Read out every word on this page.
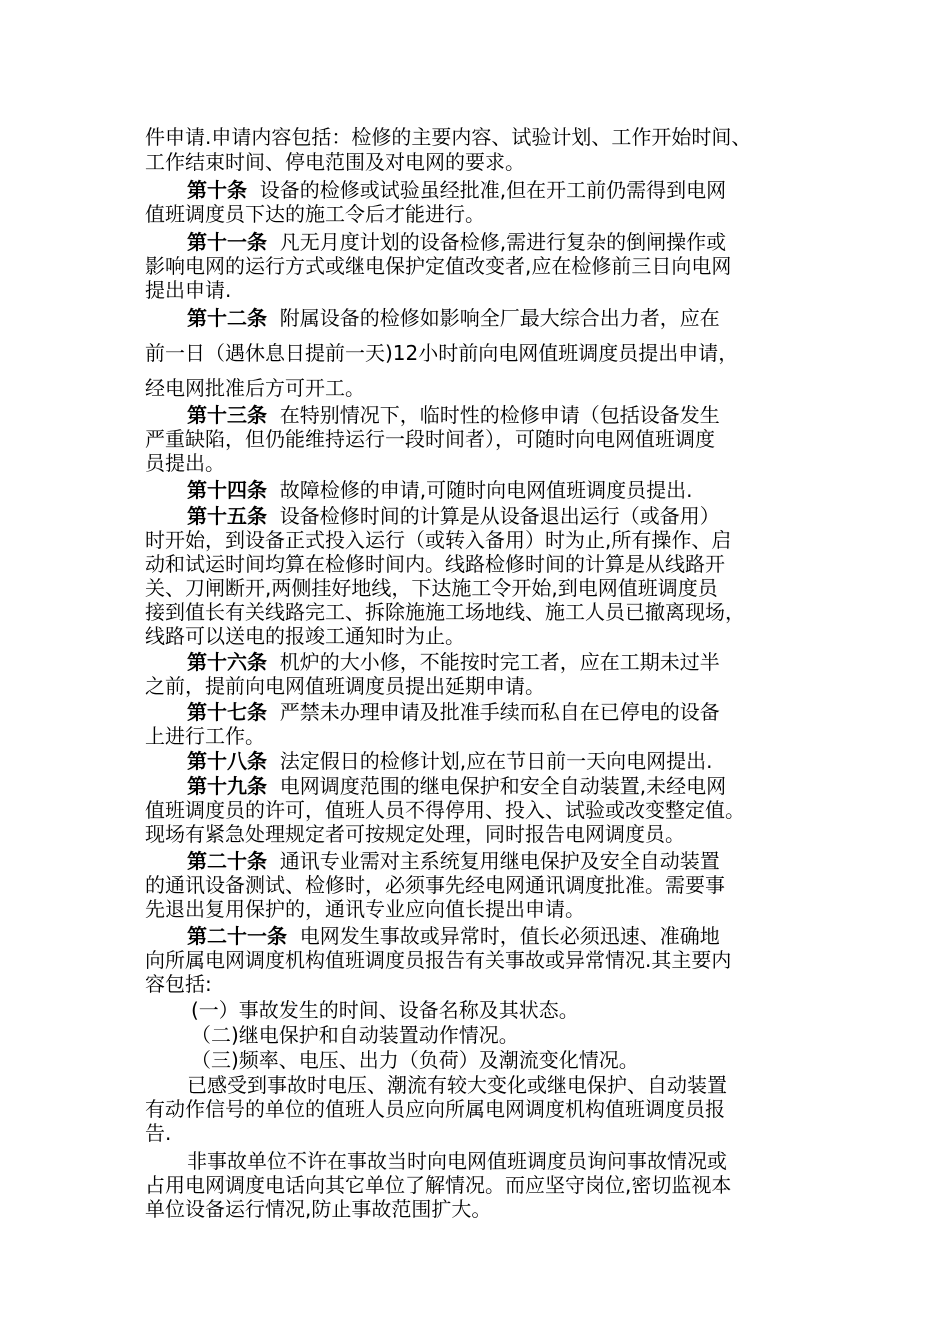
件申请.申请内容包括：检修的主要内容、试验计划、工作开始时间、
工作结束时间、停电范围及对电网的要求。
第十条  设备的检修或试验虽经批准,但在开工前仍需得到电网
值班调度员下达的施工令后才能进行。
第十一条  凡无月度计划的设备检修,需进行复杂的倒闸操作或
影响电网的运行方式或继电保护定值改变者,应在检修前三日向电网
提出申请.
第十二条  附属设备的检修如影响全厂最大综合出力者，应在
前一日（遇休息日提前一天)12小时前向电网值班调度员提出申请，
经电网批准后方可开工。
第十三条  在特别情况下，临时性的检修申请（包括设备发生
严重缺陷，但仍能维持运行一段时间者），可随时向电网值班调度
员提出。
第十四条  故障检修的申请,可随时向电网值班调度员提出.
第十五条  设备检修时间的计算是从设备退出运行（或备用）
时开始，到设备正式投入运行（或转入备用）时为止,所有操作、启
动和试运时间均算在检修时间内。线路检修时间的计算是从线路开
关、刀闸断开,两侧挂好地线，下达施工令开始,到电网值班调度员
接到值长有关线路完工、拆除施施工场地线、施工人员已撤离现场，
线路可以送电的报竣工通知时为止。
第十六条  机炉的大小修，不能按时完工者，应在工期未过半
之前，提前向电网值班调度员提出延期申请。
第十七条  严禁未办理申请及批准手续而私自在已停电的设备
上进行工作。
第十八条  法定假日的检修计划,应在节日前一天向电网提出.
第十九条  电网调度范围的继电保护和安全自动装置,未经电网
值班调度员的许可，值班人员不得停用、投入、试验或改变整定值。
现场有紧急处理规定者可按规定处理，同时报告电网调度员。
第二十条  通讯专业需对主系统复用继电保护及安全自动装置
的通讯设备测试、检修时，必须事先经电网通讯调度批准。需要事
先退出复用保护的，通讯专业应向值长提出申请。
第二十一条  电网发生事故或异常时，值长必须迅速、准确地
向所属电网调度机构值班调度员报告有关事故或异常情况.其主要内
容包括:
(一）事故发生的时间、设备名称及其状态。
（二)继电保护和自动装置动作情况。
（三)频率、电压、出力（负荷）及潮流变化情况。
已感受到事故时电压、潮流有较大变化或继电保护、自动装置
有动作信号的单位的值班人员应向所属电网调度机构值班调度员报
告.
非事故单位不许在事故当时向电网值班调度员询问事故情况或
占用电网调度电话向其它单位了解情况。而应坚守岗位,密切监视本
单位设备运行情况,防止事故范围扩大。
